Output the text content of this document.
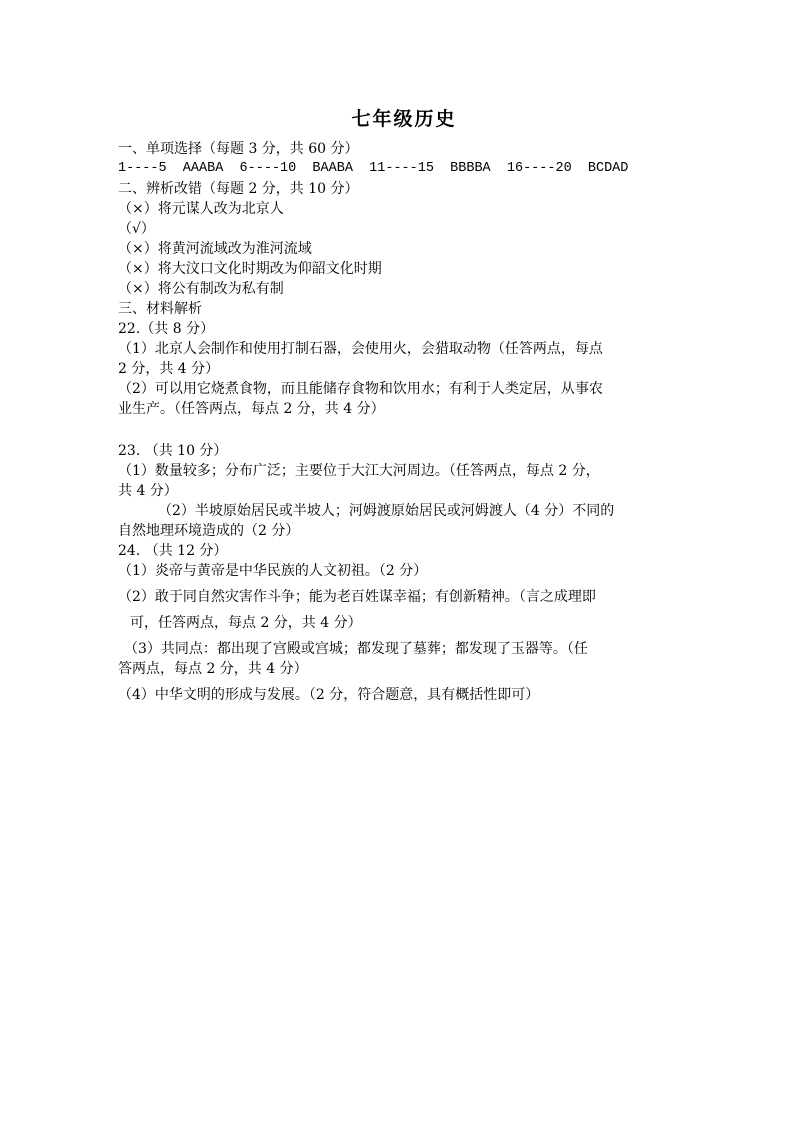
七年级历史
一、单项选择（每题 3 分，共 60 分）
1----5  AAABA  6----10  BAABA  11----15  BBBBA  16----20  BCDAD
二、辨析改错（每题 2 分，共 10 分）
（×）将元谋人改为北京人
（√）
（×）将黄河流域改为淮河流域
（×）将大汶口文化时期改为仰韶文化时期
（×）将公有制改为私有制
三、材料解析
22.（共 8 分）
（1）北京人会制作和使用打制石器，会使用火，会猎取动物（任答两点，每点
2 分，共 4 分）
（2）可以用它烧煮食物，而且能储存食物和饮用水；有利于人类定居，从事农
业生产。（任答两点，每点 2 分，共 4 分）
23. （共 10 分）
（1）数量较多；分布广泛；主要位于大江大河周边。（任答两点，每点 2 分，
共 4 分）
（2）半坡原始居民或半坡人；河姆渡原始居民或河姆渡人（4 分）不同的
自然地理环境造成的（2 分）
24. （共 12 分）
（1）炎帝与黄帝是中华民族的人文初祖。（2 分）
（2）敢于同自然灾害作斗争；能为老百姓谋幸福；有创新精神。（言之成理即
可，任答两点，每点 2 分，共 4 分）
（3）共同点：都出现了宫殿或宫城；都发现了墓葬；都发现了玉器等。（任
答两点，每点 2 分，共 4 分）
（4）中华文明的形成与发展。（2 分，符合题意，具有概括性即可）
